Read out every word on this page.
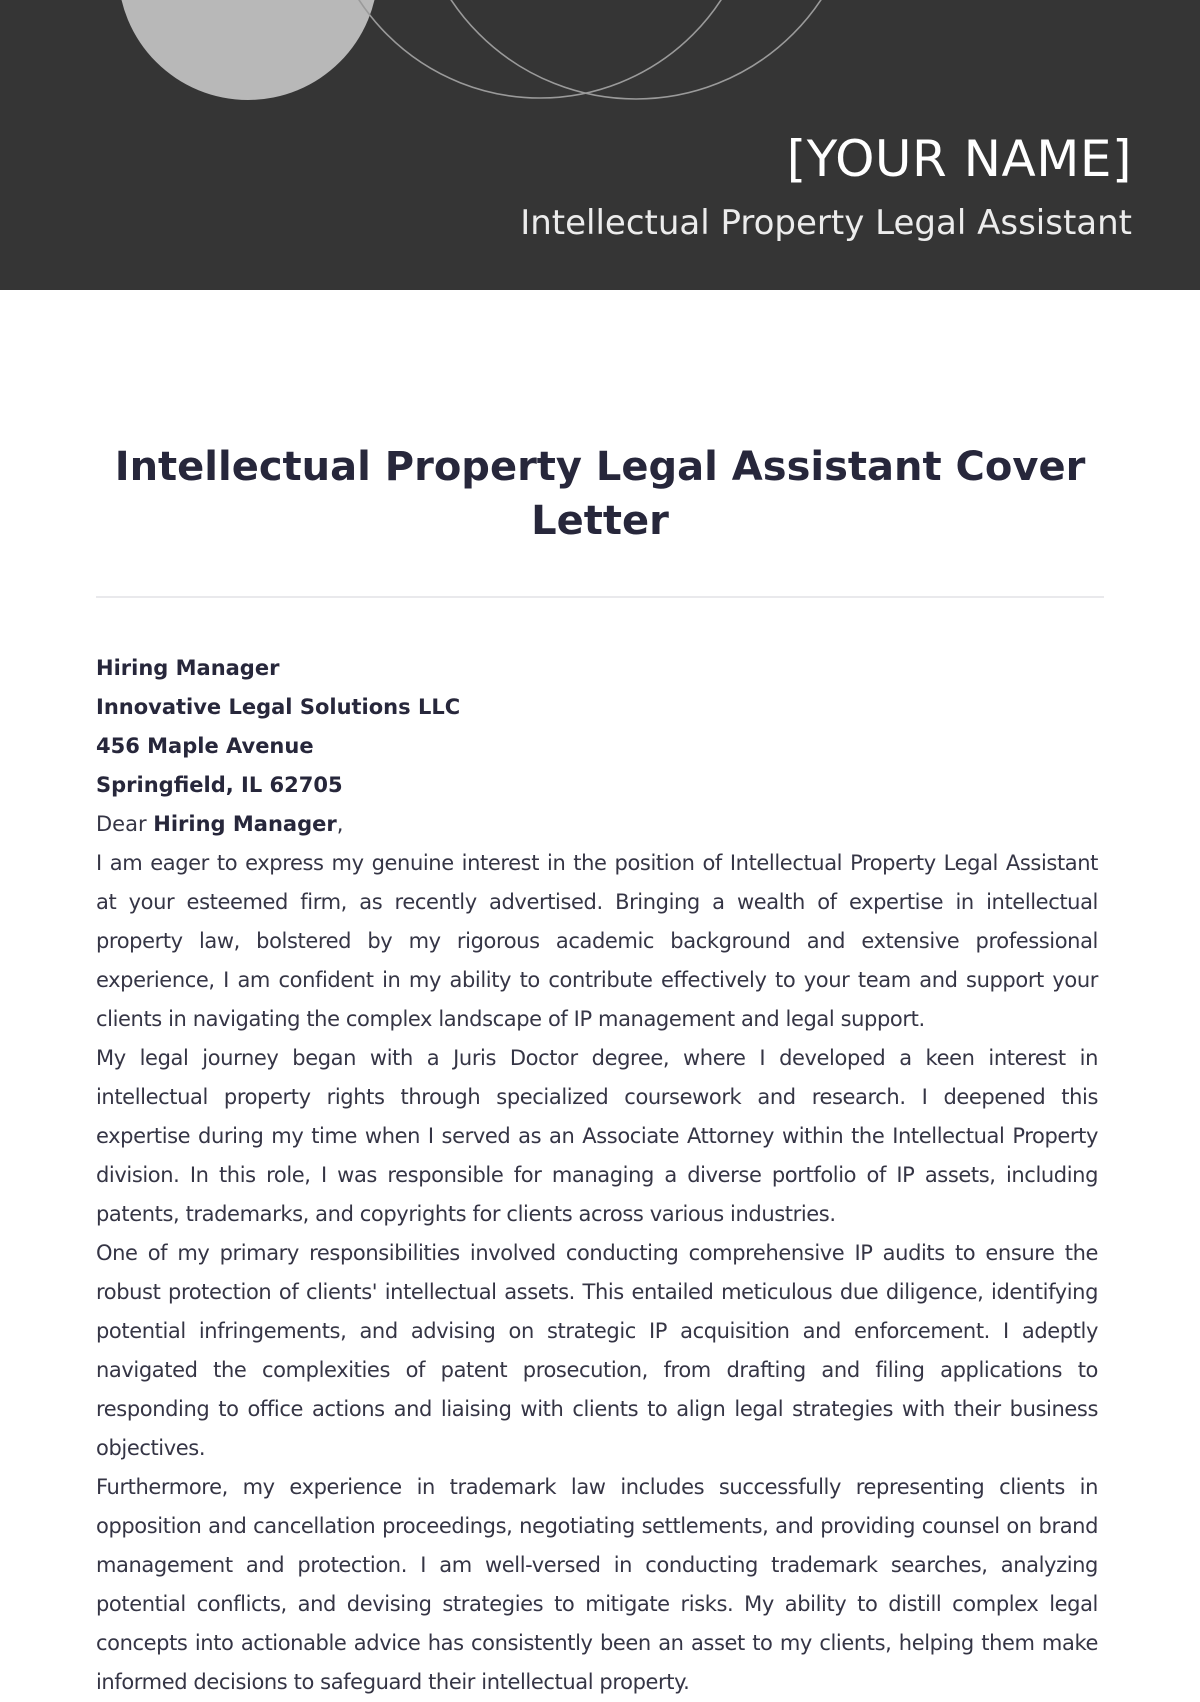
[YOUR NAME]
Intellectual Property Legal Assistant
Intellectual Property Legal Assistant Cover Letter
Hiring Manager
Innovative Legal Solutions LLC
456 Maple Avenue
Springfield, IL 62705
Dear Hiring Manager,

I am eager to express my genuine interest in the position of Intellectual Property Legal Assistant at your esteemed firm, as recently advertised. Bringing a wealth of expertise in intellectual property law, bolstered by my rigorous academic background and extensive professional experience, I am confident in my ability to contribute effectively to your team and support your clients in navigating the complex landscape of IP management and legal support.

My legal journey began with a Juris Doctor degree, where I developed a keen interest in intellectual property rights through specialized coursework and research. I deepened this expertise during my time when I served as an Associate Attorney within the Intellectual Property division. In this role, I was responsible for managing a diverse portfolio of IP assets, including patents, trademarks, and copyrights for clients across various industries.

One of my primary responsibilities involved conducting comprehensive IP audits to ensure the robust protection of clients' intellectual assets. This entailed meticulous due diligence, identifying potential infringements, and advising on strategic IP acquisition and enforcement. I adeptly navigated the complexities of patent prosecution, from drafting and filing applications to responding to office actions and liaising with clients to align legal strategies with their business objectives.

Furthermore, my experience in trademark law includes successfully representing clients in opposition and cancellation proceedings, negotiating settlements, and providing counsel on brand management and protection. I am well-versed in conducting trademark searches, analyzing potential conflicts, and devising strategies to mitigate risks. My ability to distill complex legal concepts into actionable advice has consistently been an asset to my clients, helping them make informed decisions to safeguard their intellectual property.
